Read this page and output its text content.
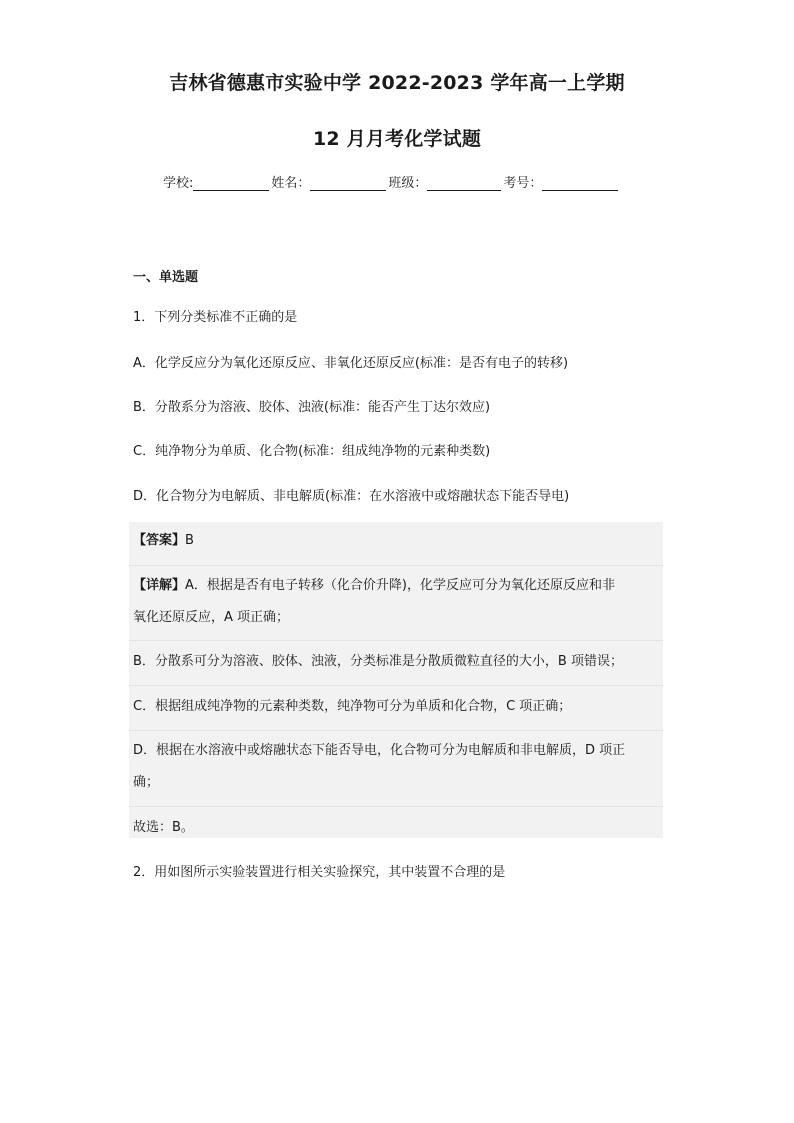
吉林省德惠市实验中学 2022-2023 学年高一上学期
12 月月考化学试题
学校:	姓名：	班级：	考号：
一、单选题
1．下列分类标准不正确的是
A．化学反应分为氧化还原反应、非氧化还原反应(标准：是否有电子的转移)
B．分散系分为溶液、胶体、浊液(标准：能否产生丁达尔效应)
C．纯净物分为单质、化合物(标准：组成纯净物的元素种类数)
D．化合物分为电解质、非电解质(标准：在水溶液中或熔融状态下能否导电)
【答案】B
【详解】A．根据是否有电子转移（化合价升降)，化学反应可分为氧化还原反应和非
氧化还原反应，A 项正确；
B．分散系可分为溶液、胶体、浊液，分类标准是分散质微粒直径的大小，B 项错误；
C．根据组成纯净物的元素种类数，纯净物可分为单质和化合物，C 项正确；
D．根据在水溶液中或熔融状态下能否导电，化合物可分为电解质和非电解质，D 项正
确；
故选：B。
2．用如图所示实验装置进行相关实验探究，其中装置不合理的是
